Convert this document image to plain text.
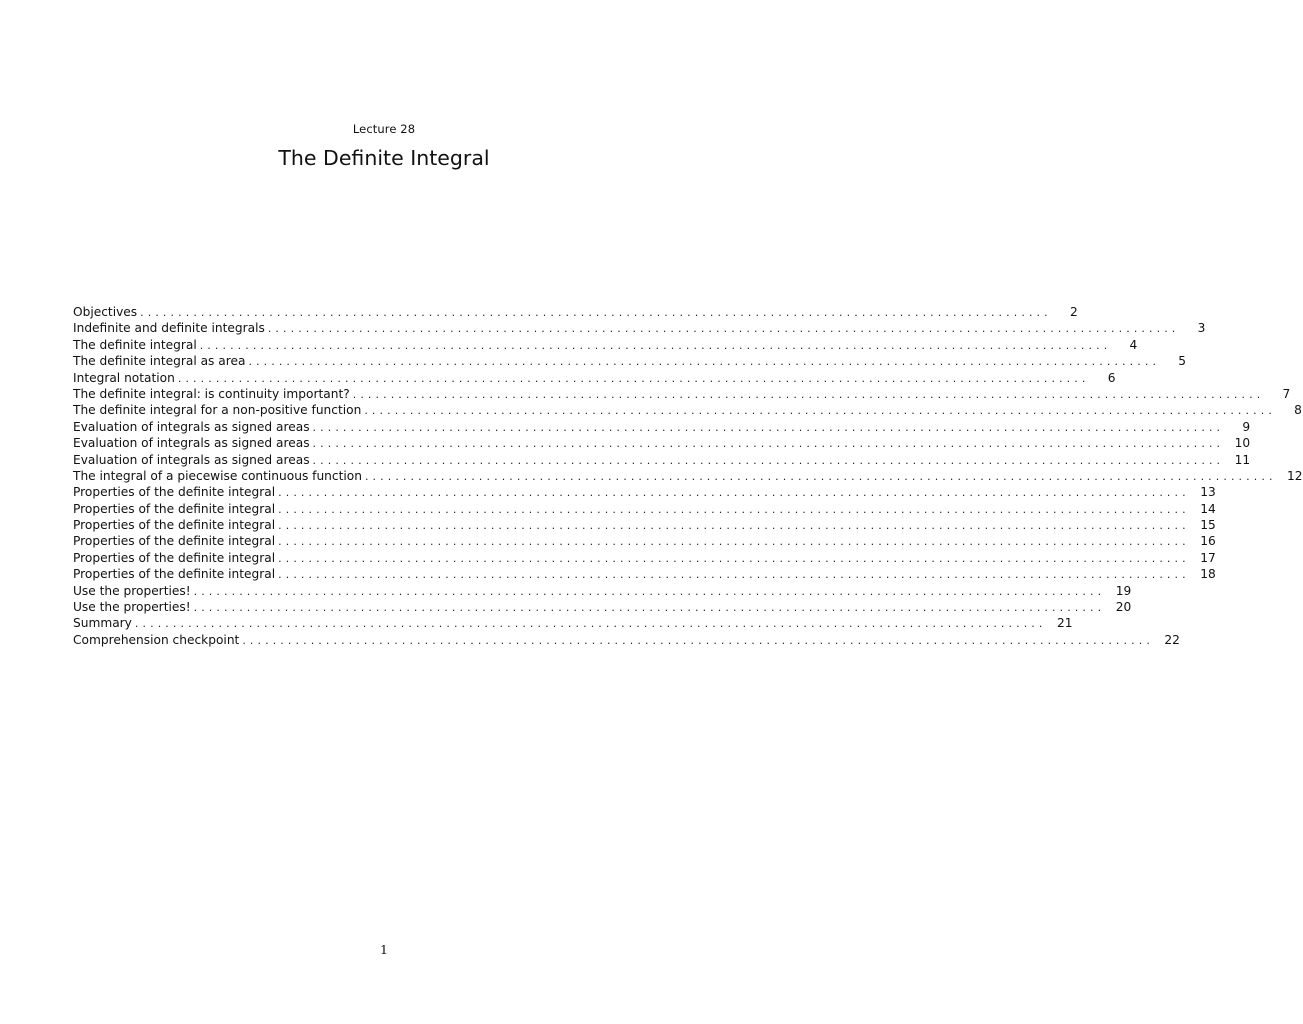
Lecture 28
The Definite Integral
Objectives ........................................................................................................................	2
Indefinite and definite integrals ........................................................................................................................	3
The definite integral ........................................................................................................................	4
The definite integral as area ........................................................................................................................	5
Integral notation ........................................................................................................................	6
The definite integral: is continuity important? ........................................................................................................................	7
The definite integral for a non-positive function ........................................................................................................................	8
Evaluation of integrals as signed areas ........................................................................................................................	9
Evaluation of integrals as signed areas ........................................................................................................................ 10
Evaluation of integrals as signed areas ........................................................................................................................ 11
The integral of a piecewise continuous function ........................................................................................................................ 12
Properties of the definite integral ........................................................................................................................ 13
Properties of the definite integral ........................................................................................................................ 14
Properties of the definite integral ........................................................................................................................ 15
Properties of the definite integral ........................................................................................................................ 16
Properties of the definite integral ........................................................................................................................ 17
Properties of the definite integral ........................................................................................................................ 18
Use the properties! ........................................................................................................................ 19
Use the properties! ........................................................................................................................ 20
Summary ........................................................................................................................ 21
Comprehension checkpoint ........................................................................................................................ 22
1
